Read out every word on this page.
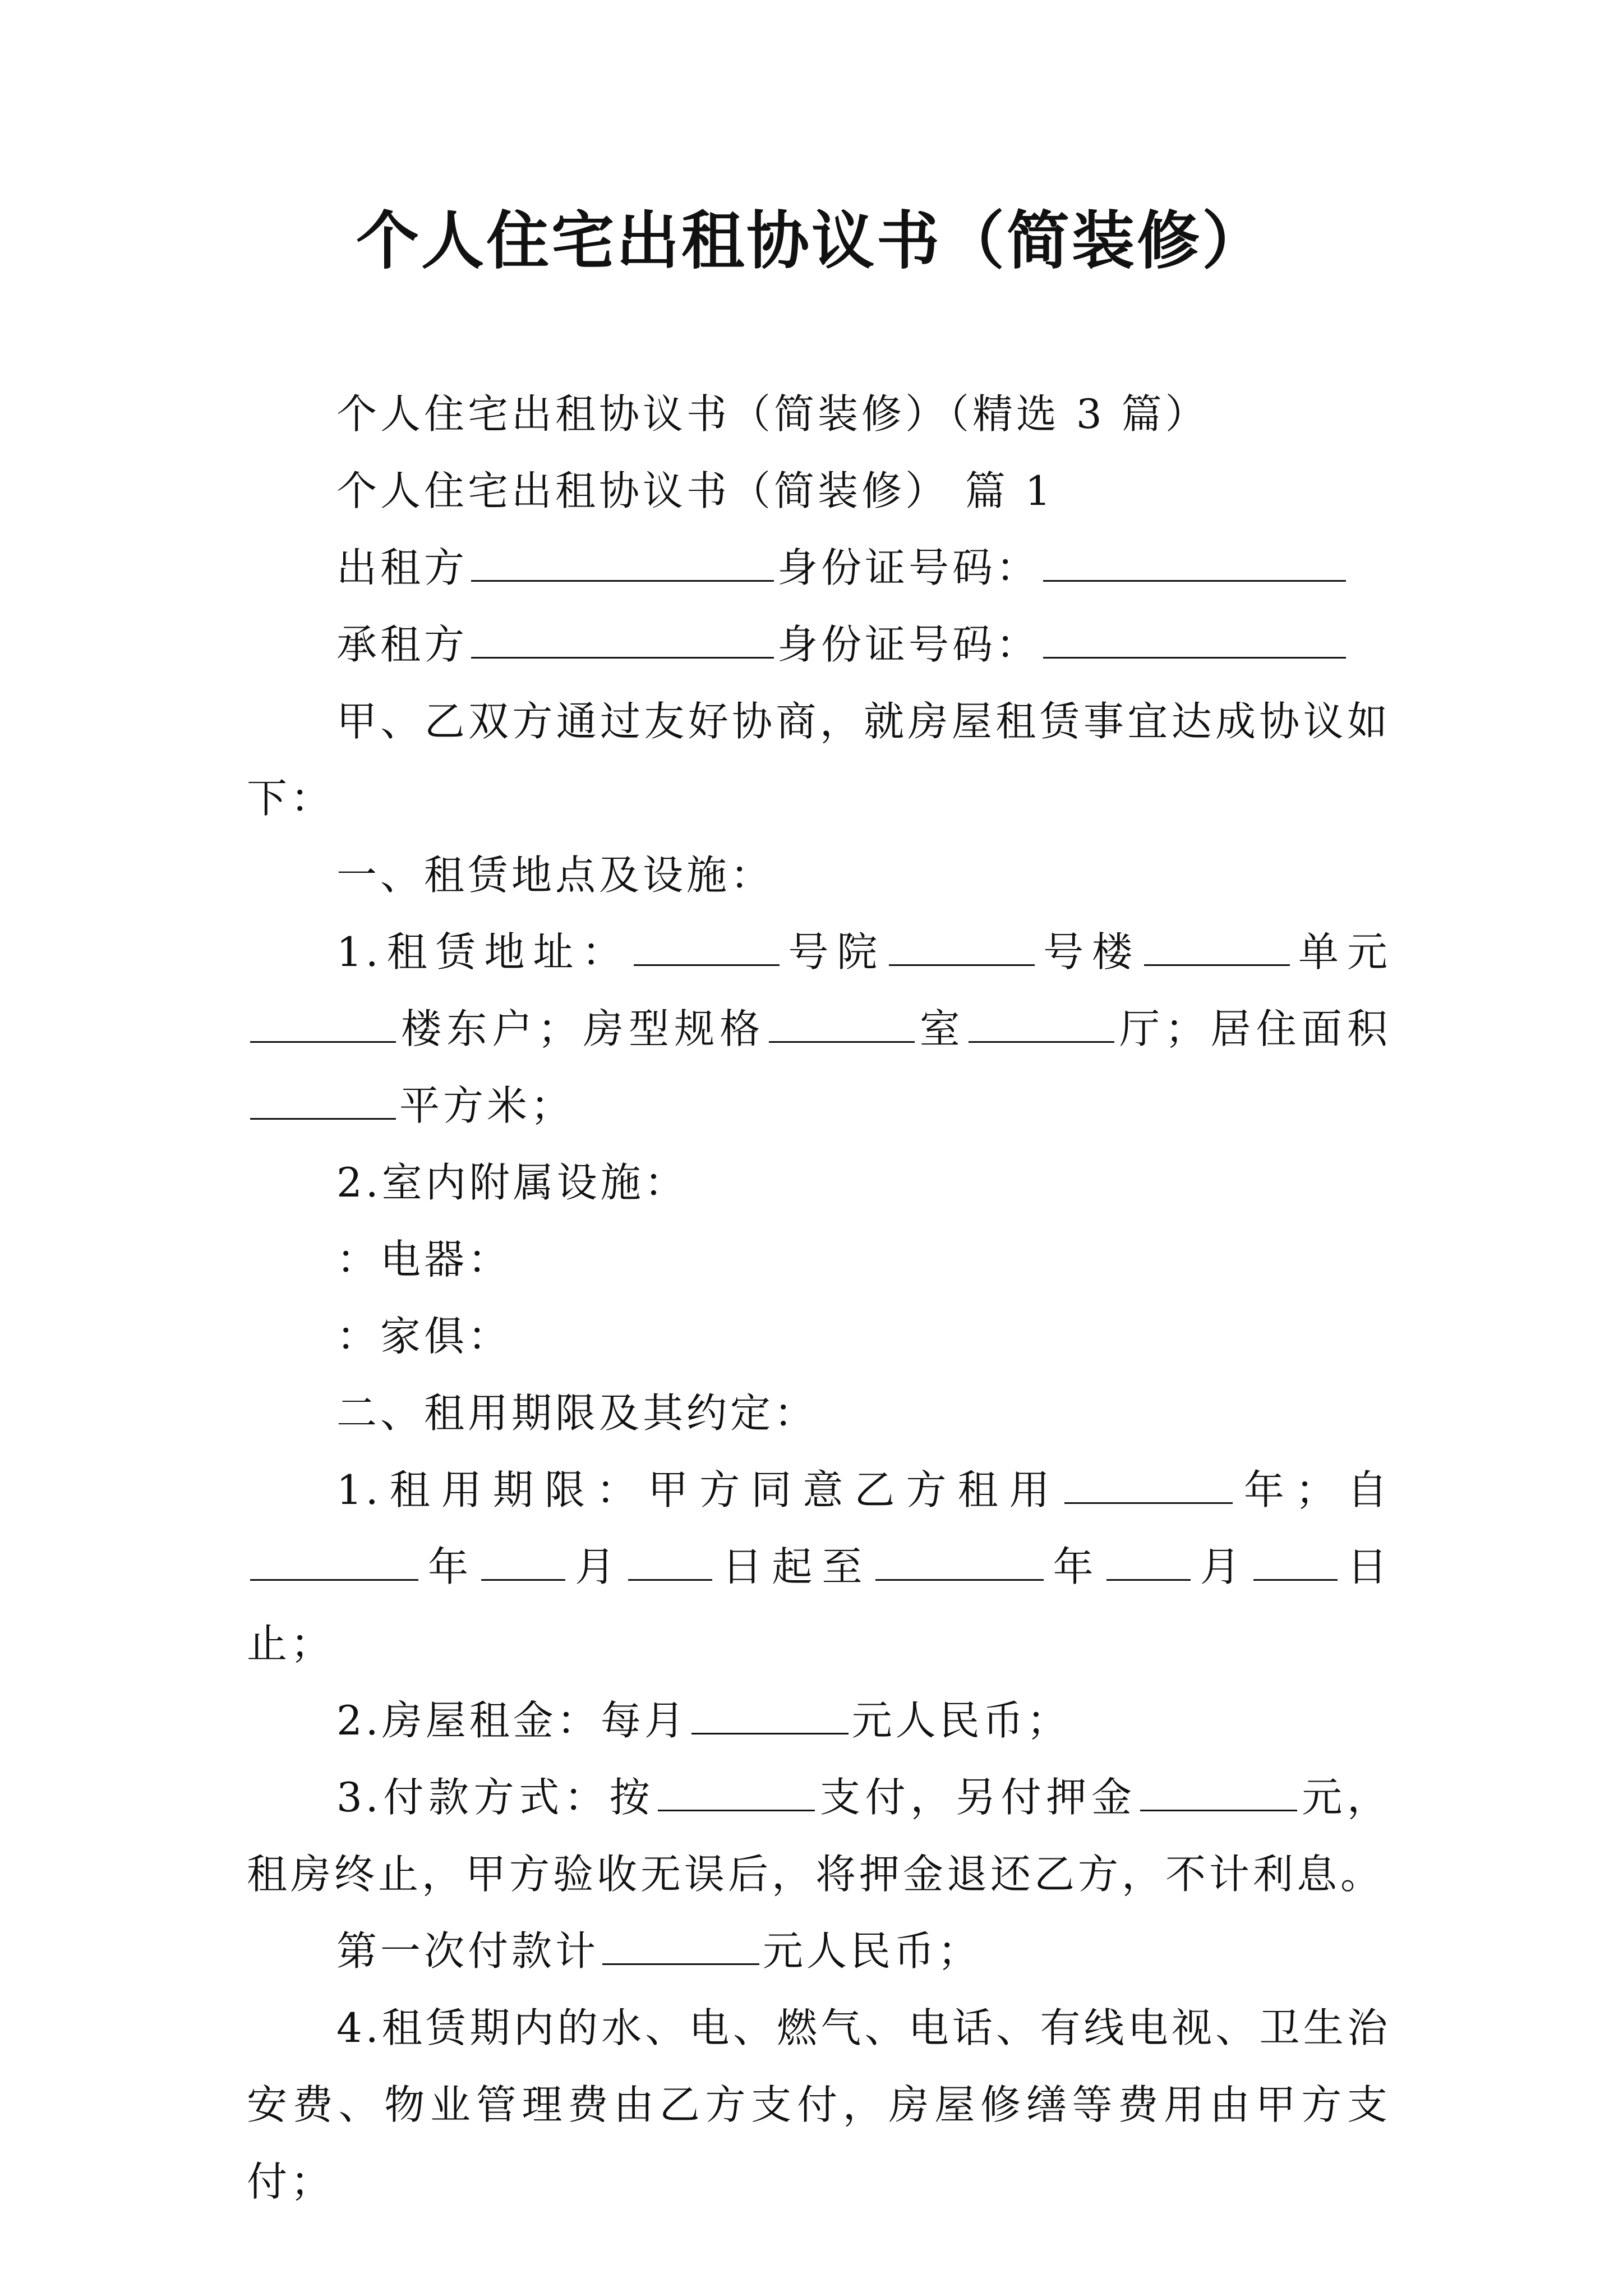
个人住宅出租协议书（简装修）

个人住宅出租协议书（简装修）（精选 3 篇）

个人住宅出租协议书（简装修） 篇 1

出租方	身份证号码：

承租方	身份证号码：

甲、乙双方通过友好协商，就房屋租赁事宜达成协议如下：

一、租赁地点及设施：

1.租赁地址：	号院	号楼	单元楼东户；房型规格	室	厅；居住面积平方米；

2.室内附属设施：

：电器：

：家俱：

二、租用期限及其约定：

1.租用期限：甲方同意乙方租用	年；自年 月 日起至	年 月 日止；

2.房屋租金：每月	元人民币；

3.付款方式：按	支付，另付押金	元，租房终止，甲方验收无误后，将押金退还乙方，不计利息。

第一次付款计	元人民币；

4.租赁期内的水、电、燃气、电话、有线电视、卫生治安费、物业管理费由乙方支付，房屋修缮等费用由甲方支付；
